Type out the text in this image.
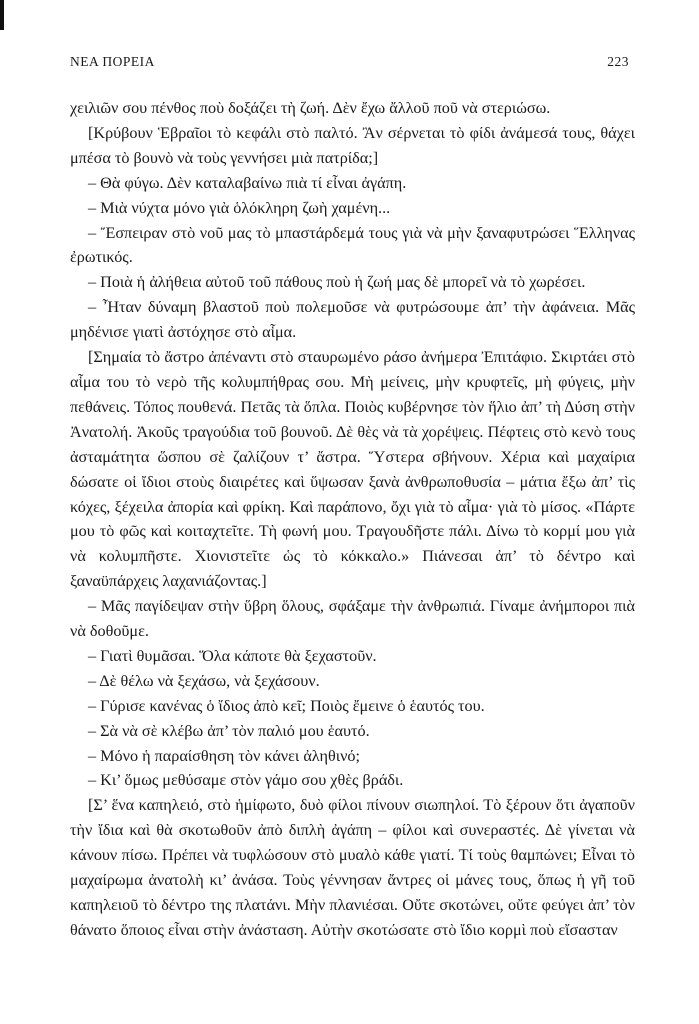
ΝΕΑ ΠΟΡΕΙΑ	223

χειλιῶν σου πένθος ποὺ δοξάζει τὴ ζωή. Δὲν ἔχω ἄλλοῦ ποῦ νὰ στεριώσω.

[Κρύβουν Ἑβραῖοι τὸ κεφάλι στὸ παλτό. Ἂν σέρνεται τὸ φίδι ἀνάμεσά τους, θάχει μπέσα τὸ βουνὸ νὰ τοὺς γεννήσει μιὰ πατρίδα;]

– Θὰ φύγω. Δὲν καταλαβαίνω πιὰ τί εἶναι ἀγάπη.

– Μιὰ νύχτα μόνο γιὰ ὁλόκληρη ζωὴ χαμένη...

– Ἔσπειραν στὸ νοῦ μας τὸ μπαστάρδεμά τους γιὰ νὰ μὴν ξαναφυτρώσει Ἕλληνας ἐρωτικός.

– Ποιὰ ἡ ἀλήθεια αὐτοῦ τοῦ πάθους ποὺ ἡ ζωή μας δὲ μπορεῖ νὰ τὸ χωρέσει.

– Ἦταν δύναμη βλαστοῦ ποὺ πολεμοῦσε νὰ φυτρώσουμε ἀπ’ τὴν ἀφάνεια. Μᾶς μηδένισε γιατὶ ἀστόχησε στὸ αἷμα.

[Σημαία τὸ ἄστρο ἀπέναντι στὸ σταυρωμένο ράσο ἀνήμερα Ἐπιτάφιο. Σκιρτάει στὸ αἷμα του τὸ νερὸ τῆς κολυμπήθρας σου. Μὴ μείνεις, μὴν κρυφτεῖς, μὴ φύγεις, μὴν πεθάνεις. Τόπος πουθενά. Πετᾶς τὰ ὅπλα. Ποιὸς κυβέρνησε τὸν ἥλιο ἀπ’ τὴ Δύση στὴν Ἀνατολή. Ἀκοῦς τραγούδια τοῦ βουνοῦ. Δὲ θὲς νὰ τὰ χορέψεις. Πέφτεις στὸ κενὸ τους ἀσταμάτητα ὥσπου σὲ ζαλίζουν τ’ ἄστρα. Ὕστερα σβήνουν. Χέρια καὶ μαχαίρια δώσατε οἱ ἴδιοι στοὺς διαιρέτες καὶ ὕψωσαν ξανὰ ἀνθρωποθυσία – μάτια ἔξω ἀπ’ τὶς κόχες, ξέχειλα ἀπορία καὶ φρίκη. Καὶ παράπονο, ὄχι γιὰ τὸ αἷμα· γιὰ τὸ μίσος. «Πάρτε μου τὸ φῶς καὶ κοιταχτεῖτε. Τὴ φωνή μου. Τραγουδῆστε πάλι. Δίνω τὸ κορμί μου γιὰ νὰ κολυμπῆστε. Χιονιστεῖτε ὡς τὸ κόκκαλο.» Πιάνεσαι ἀπ’ τὸ δέντρο καὶ ξαναϋπάρχεις λαχανιάζοντας.]

– Μᾶς παγίδεψαν στὴν ὕβρη ὅλους, σφάξαμε τὴν ἀνθρωπιά. Γίναμε ἀνήμποροι πιὰ νὰ δοθοῦμε.

– Γιατὶ θυμᾶσαι. Ὅλα κάποτε θὰ ξεχαστοῦν.

– Δὲ θέλω νὰ ξεχάσω, νὰ ξεχάσουν.

– Γύρισε κανένας ὁ ἴδιος ἀπὸ κεῖ; Ποιὸς ἔμεινε ὁ ἑαυτός του.

– Σὰ νὰ σὲ κλέβω ἀπ’ τὸν παλιό μου ἑαυτό.

– Μόνο ἡ παραίσθηση τὸν κάνει ἀληθινό;

– Κι’ ὅμως μεθύσαμε στὸν γάμο σου χθὲς βράδι.

[Σ’ ἕνα καπηλειό, στὸ ἡμίφωτο, δυὸ φίλοι πίνουν σιωπηλοί. Τὸ ξέρουν ὅτι ἀγαποῦν τὴν ἴδια καὶ θὰ σκοτωθοῦν ἀπὸ διπλὴ ἀγάπη – φίλοι καὶ συνεραστές. Δὲ γίνεται νὰ κάνουν πίσω. Πρέπει νὰ τυφλώσουν στὸ μυαλὸ κάθε γιατί. Τί τοὺς θαμπώνει; Εἶναι τὸ μαχαίρωμα ἀνατολὴ κι’ ἀνάσα. Τοὺς γέννησαν ἄντρες οἱ μάνες τους, ὅπως ἡ γῆ τοῦ καπηλειοῦ τὸ δέντρο της πλατάνι. Μὴν πλανιέσαι. Οὔτε σκοτώνει, οὔτε φεύγει ἀπ’ τὸν θάνατο ὅποιος εἶναι στὴν ἀνάσταση. Αὐτὴν σκοτώσατε στὸ ἴδιο κορμὶ ποὺ εἴσασταν
